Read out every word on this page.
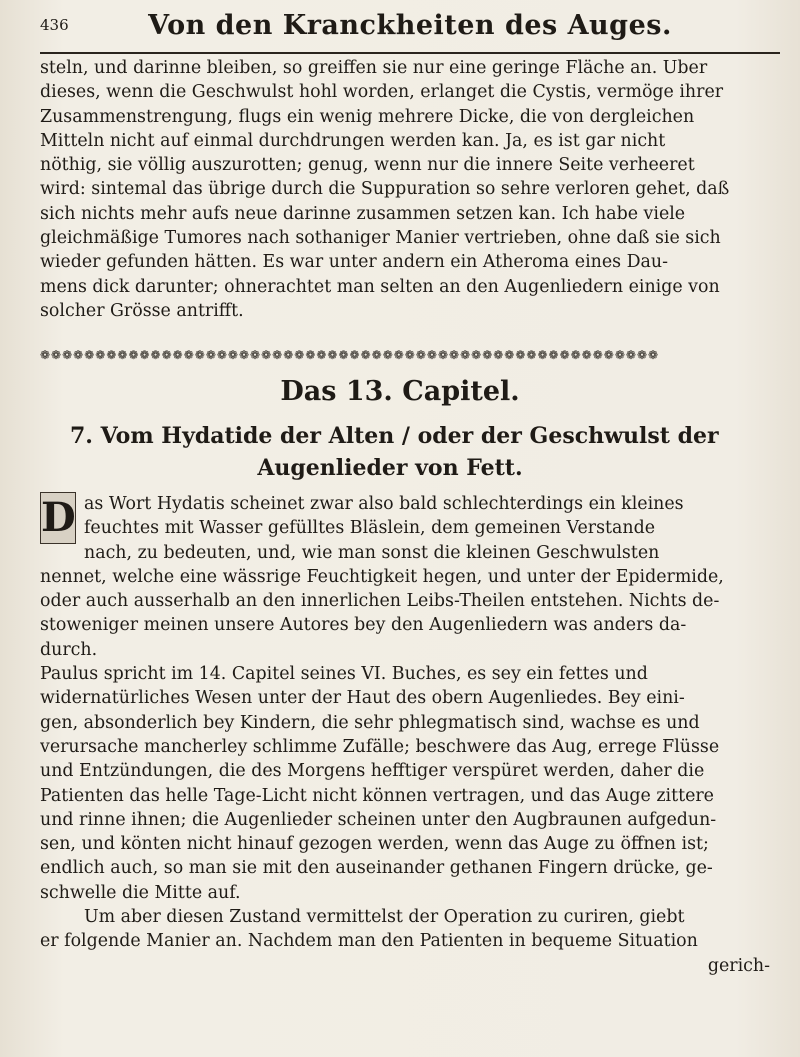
436	Von den Kranckheiten des Auges.
steln, und darinne bleiben, so greiffen sie nur eine geringe Fläche an. Uber
dieses, wenn die Geschwulst hohl worden, erlanget die Cystis, vermöge ihrer
Zusammenstrengung, flugs ein wenig mehrere Dicke, die von dergleichen
Mitteln nicht auf einmal durchdrungen werden kan. Ja, es ist gar nicht
nöthig, sie völlig auszurotten; genug, wenn nur die innere Seite verheeret
wird: sintemal das übrige durch die Suppuration so sehre verloren gehet, daß
sich nichts mehr aufs neue darinne zusammen setzen kan. Ich habe viele
gleichmäßige Tumores nach sothaniger Manier vertrieben, ohne daß sie sich
wieder gefunden hätten. Es war unter andern ein Atheroma eines Dau-
mens dick darunter; ohnerachtet man selten an den Augenliedern einige von
solcher Grösse antrifft.
❁❁❁❁❁❁❁❁❁❁❁❁❁❁❁❁❁❁❁❁❁❁❁❁❁❁❁❁❁❁❁❁❁❁❁❁❁❁❁❁❁❁❁❁❁❁❁❁❁❁❁❁❁❁❁❁
Das 13. Capitel.
7. Vom Hydatide der Alten / oder der Geschwulst der
Augenlieder von Fett.
D as Wort Hydatis scheinet zwar also bald schlechterdings ein kleines
feuchtes mit Wasser gefülltes Bläslein, dem gemeinen Verstande
nach, zu bedeuten, und, wie man sonst die kleinen Geschwulsten
nennet, welche eine wässrige Feuchtigkeit hegen, und unter der Epidermide,
oder auch ausserhalb an den innerlichen Leibs-Theilen entstehen. Nichts de-
stoweniger meinen unsere Autores bey den Augenliedern was anders da-
durch.
Paulus spricht im 14. Capitel seines VI. Buches, es sey ein fettes und
widernatürliches Wesen unter der Haut des obern Augenliedes. Bey eini-
gen, absonderlich bey Kindern, die sehr phlegmatisch sind, wachse es und
verursache mancherley schlimme Zufälle; beschwere das Aug, errege Flüsse
und Entzündungen, die des Morgens hefftiger verspüret werden, daher die
Patienten das helle Tage-Licht nicht können vertragen, und das Auge zittere
und rinne ihnen; die Augenlieder scheinen unter den Augbraunen aufgedun-
sen, und könten nicht hinauf gezogen werden, wenn das Auge zu öffnen ist;
endlich auch, so man sie mit den auseinander gethanen Fingern drücke, ge-
schwelle die Mitte auf.
Um aber diesen Zustand vermittelst der Operation zu curiren, giebt
er folgende Manier an. Nachdem man den Patienten in bequeme Situation
gerich-
